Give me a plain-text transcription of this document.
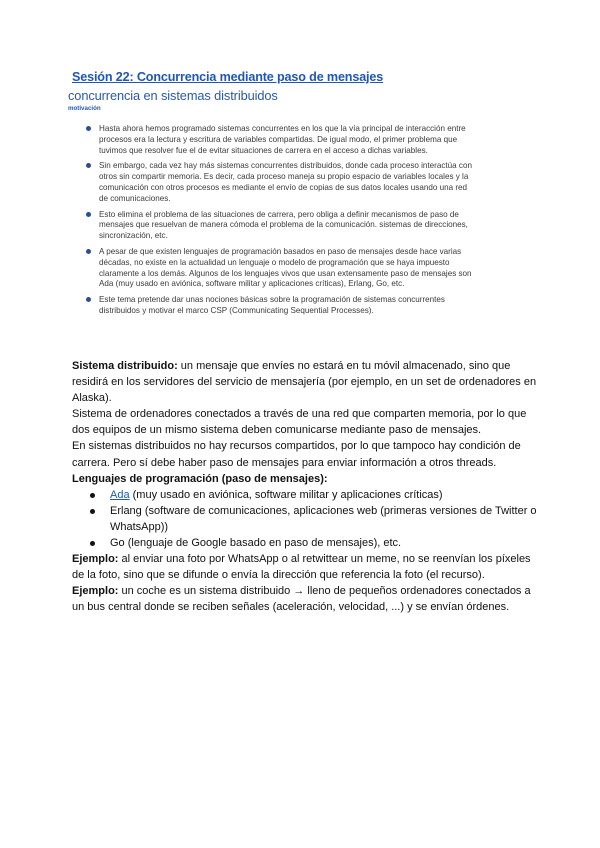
Sesión 22: Concurrencia mediante paso de mensajes
concurrencia en sistemas distribuidos
motivación
Hasta ahora hemos programado sistemas concurrentes en los que la vía principal de interacción entre procesos era la lectura y escritura de variables compartidas. De igual modo, el primer problema que tuvimos que resolver fue el de evitar situaciones de carrera en el acceso a dichas variables.
Sin embargo, cada vez hay más sistemas concurrentes distribuidos, donde cada proceso interactúa con otros sin compartir memoria. Es decir, cada proceso maneja su propio espacio de variables locales y la comunicación con otros procesos es mediante el envío de copias de sus datos locales usando una red de comunicaciones.
Esto elimina el problema de las situaciones de carrera, pero obliga a definir mecanismos de paso de mensajes que resuelvan de manera cómoda el problema de la comunicación. sistemas de direcciones, sincronización, etc.
A pesar de que existen lenguajes de programación basados en paso de mensajes desde hace varias décadas, no existe en la actualidad un lenguaje o modelo de programación que se haya impuesto claramente a los demás. Algunos de los lenguajes vivos que usan extensamente paso de mensajes son Ada (muy usado en aviónica, software militar y aplicaciones críticas), Erlang, Go, etc.
Este tema pretende dar unas nociones básicas sobre la programación de sistemas concurrentes distribuidos y motivar el marco CSP (Communicating Sequential Processes).

Sistema distribuido: un mensaje que envíes no estará en tu móvil almacenado, sino que residirá en los servidores del servicio de mensajería (por ejemplo, en un set de ordenadores en Alaska).

Sistema de ordenadores conectados a través de una red que comparten memoria, por lo que dos equipos de un mismo sistema deben comunicarse mediante paso de mensajes.

En sistemas distribuidos no hay recursos compartidos, por lo que tampoco hay condición de carrera. Pero sí debe haber paso de mensajes para enviar información a otros threads.

Lenguajes de programación (paso de mensajes):

Ada (muy usado en aviónica, software militar y aplicaciones críticas)
Erlang (software de comunicaciones, aplicaciones web (primeras versiones de Twitter o WhatsApp))
Go (lenguaje de Google basado en paso de mensajes), etc.

Ejemplo: al enviar una foto por WhatsApp o al retwittear un meme, no se reenvían los píxeles de la foto, sino que se difunde o envía la dirección que referencia la foto (el recurso).

Ejemplo: un coche es un sistema distribuido → lleno de pequeños ordenadores conectados a un bus central donde se reciben señales (aceleración, velocidad, ...) y se envían órdenes.
